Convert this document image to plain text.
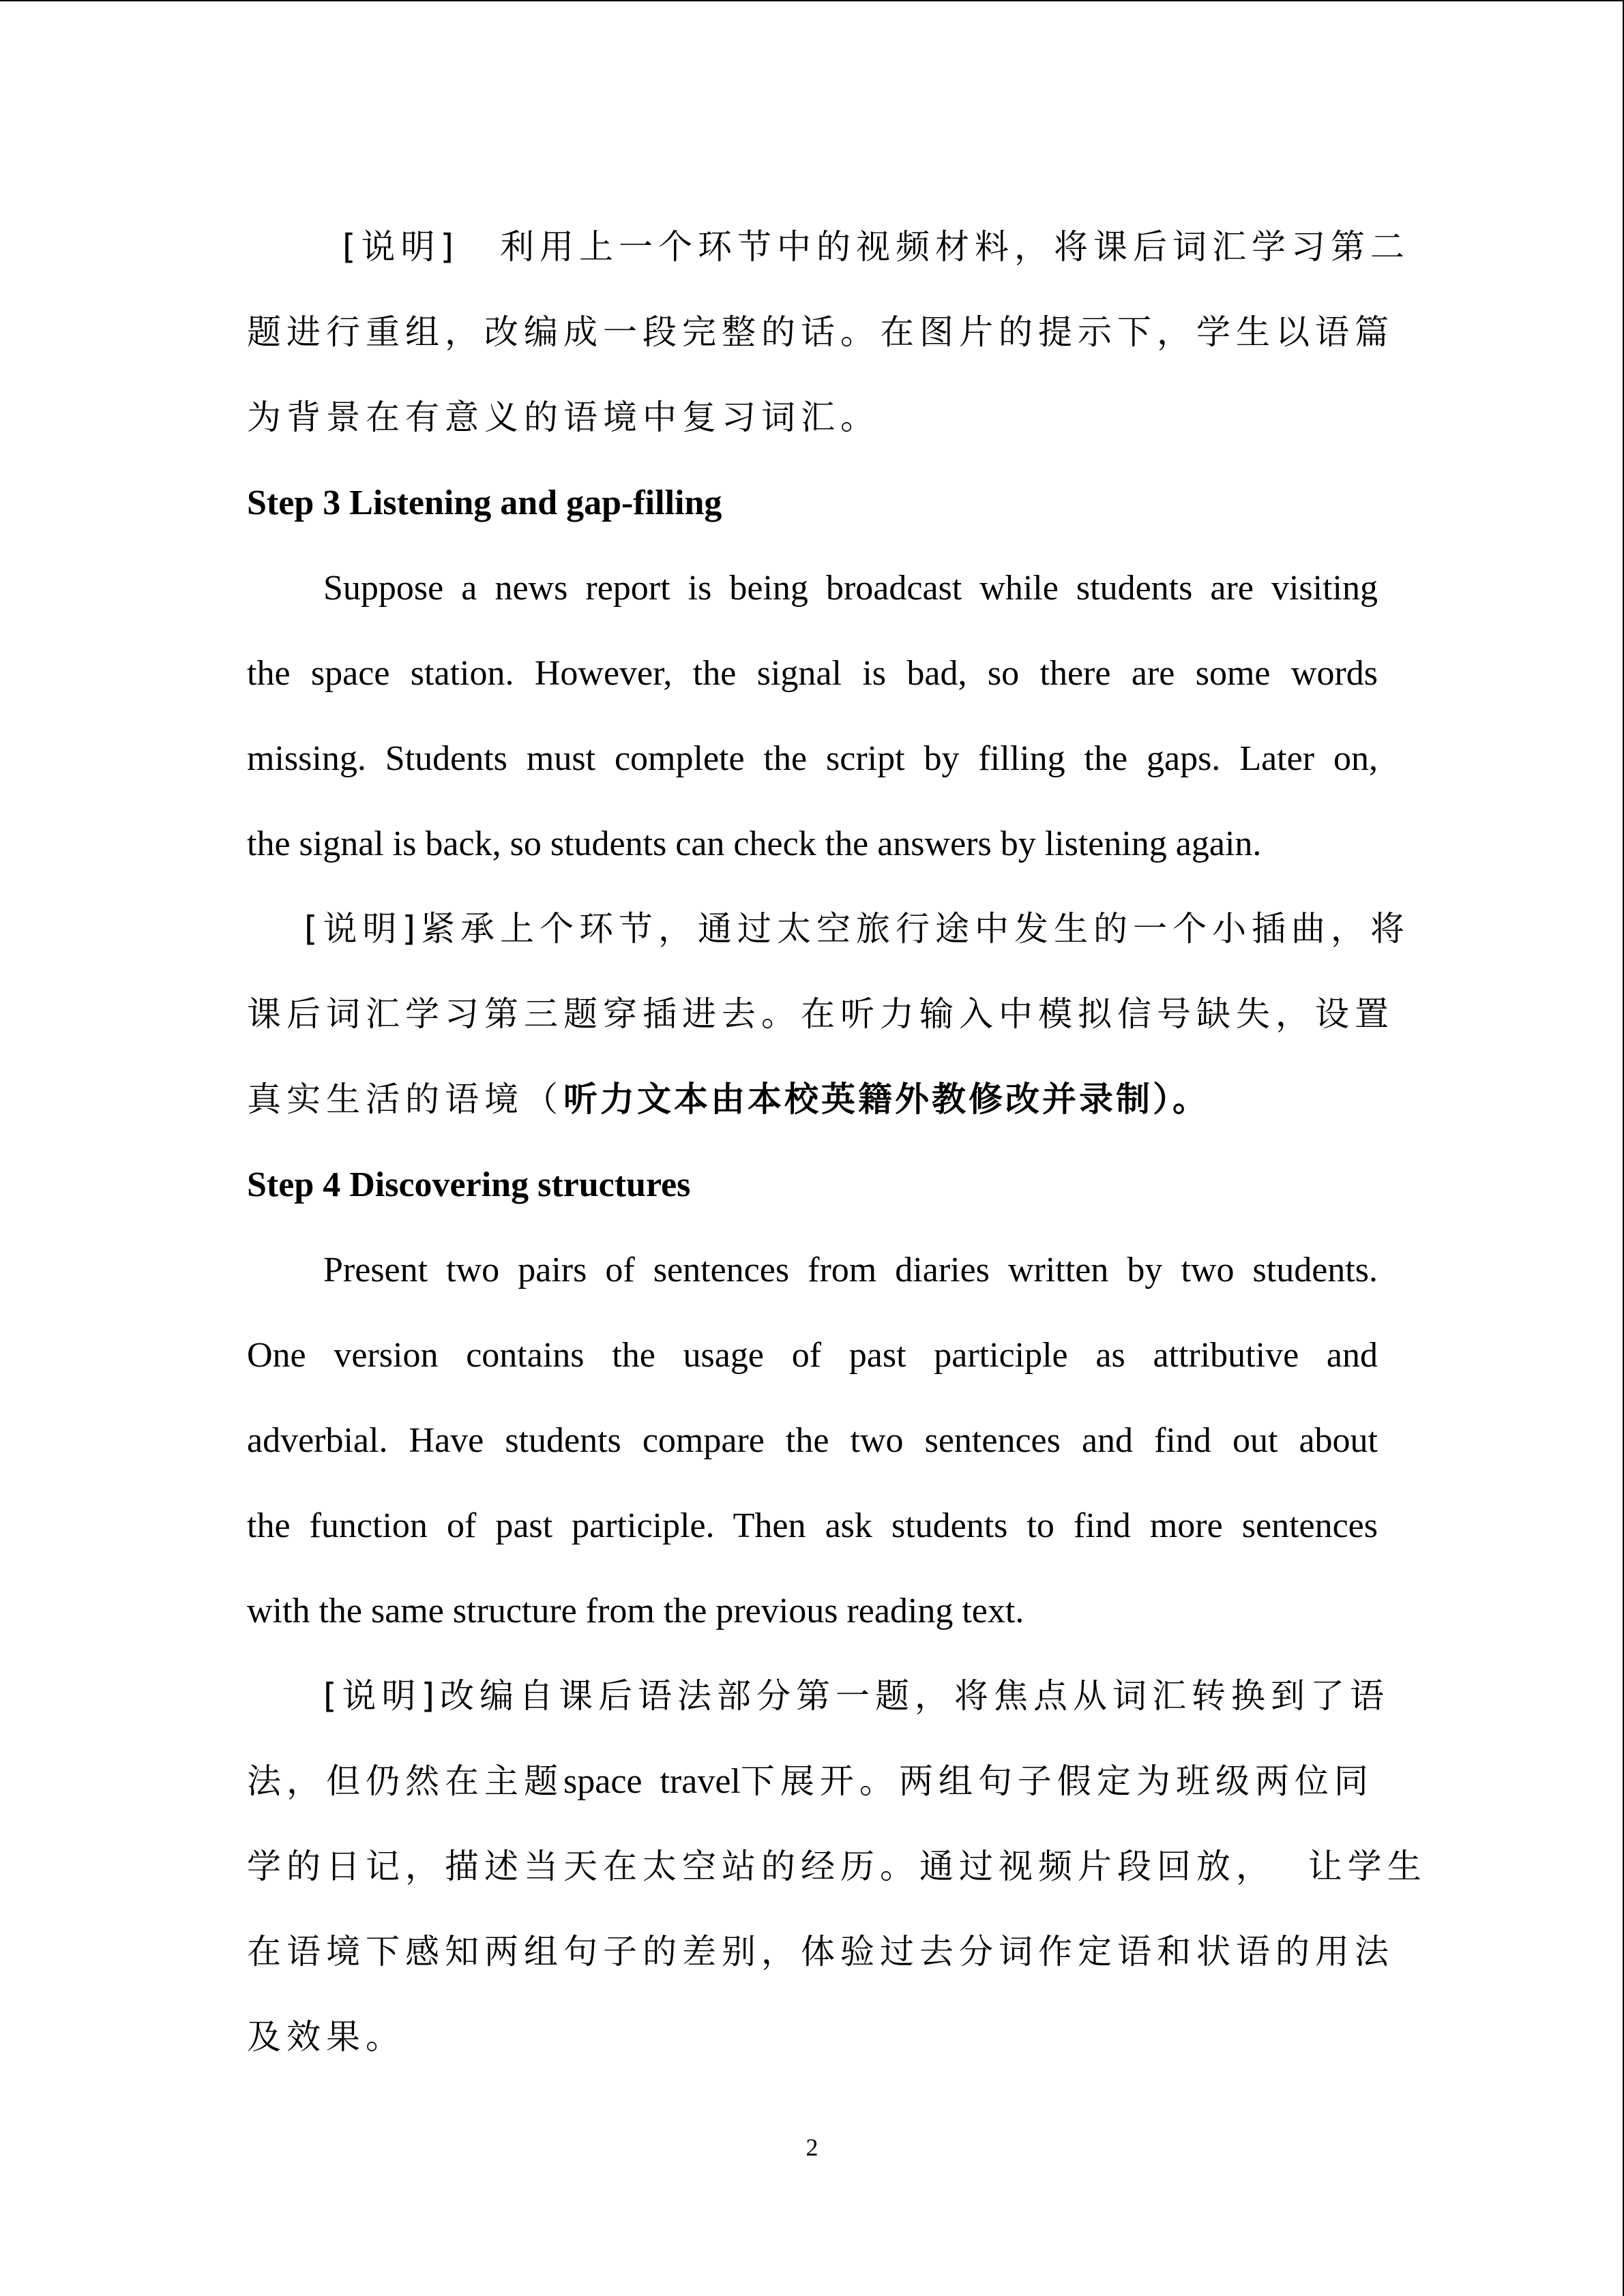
[说明] 利用上一个环节中的视频材料，将课后词汇学习第二
题进行重组，改编成一段完整的话。在图片的提示下，学生以语篇
为背景在有意义的语境中复习词汇。
Step 3 Listening and gap-filling
Suppose a news report is being broadcast while students are visiting
the space station. However, the signal is bad, so there are some words
missing. Students must complete the script by filling the gaps. Later on,
the signal is back, so students can check the answers by listening again.
[说明]紧承上个环节，通过太空旅行途中发生的一个小插曲，将
课后词汇学习第三题穿插进去。在听力输入中模拟信号缺失，设置
真实生活的语境（听力文本由本校英籍外教修改并录制）。
Step 4 Discovering structures
Present two pairs of sentences from diaries written by two students.
One version contains the usage of past participle as attributive and
adverbial. Have students compare the two sentences and find out about
the function of past participle. Then ask students to find more sentences
with the same structure from the previous reading text.
[说明]改编自课后语法部分第一题，将焦点从词汇转换到了语
法，但仍然在主题space  travel下展开。两组句子假定为班级两位同
学的日记，描述当天在太空站的经历。通过视频片段回放，  让学生
在语境下感知两组句子的差别，体验过去分词作定语和状语的用法
及效果。
2
